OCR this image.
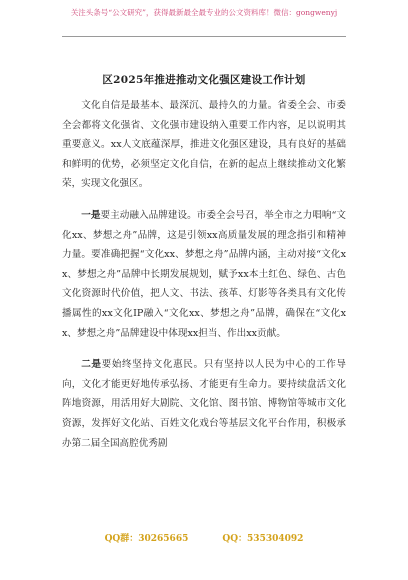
关注头条号“公文研究”，获得最新最全最专业的公文资料库！微信：gongwenyj
区2025年推进推动文化强区建设工作计划

文化自信是最基本、最深沉、最持久的力量。省委全会、市委全会都将文化强省、文化强市建设纳入重要工作内容，足以说明其重要意义。xx人文底蕴深厚，推进文化强区建设，具有良好的基础和鲜明的优势，必须坚定文化自信，在新的起点上继续推动文化繁荣，实现文化强区。

一是要主动融入品牌建设。市委全会号召，举全市之力唱响“文化xx、梦想之舟”品牌，这是引领xx高质量发展的理念指引和精神力量。要准确把握“文化xx、梦想之舟”品牌内涵，主动对接“文化xx、梦想之舟”品牌中长期发展规划，赋予xx本土红色、绿色、古色文化资源时代价值，把人文、书法、孩革、灯影等各类具有文化传播属性的xx文化IP融入“文化xx、梦想之舟”品牌，确保在“文化xx、梦想之舟”品牌建设中体现xx担当、作出xx贡献。

二是要始终坚持文化惠民。只有坚持以人民为中心的工作导向，文化才能更好地传承弘扬、才能更有生命力。要持续盘活文化阵地资源，用活用好大剧院、文化馆、图书馆、博物馆等城市文化资源，发挥好文化站、百姓文化戏台等基层文化平台作用，积极承办第二届全国高腔优秀剧

QQ群：30265665	QQ：535304092
